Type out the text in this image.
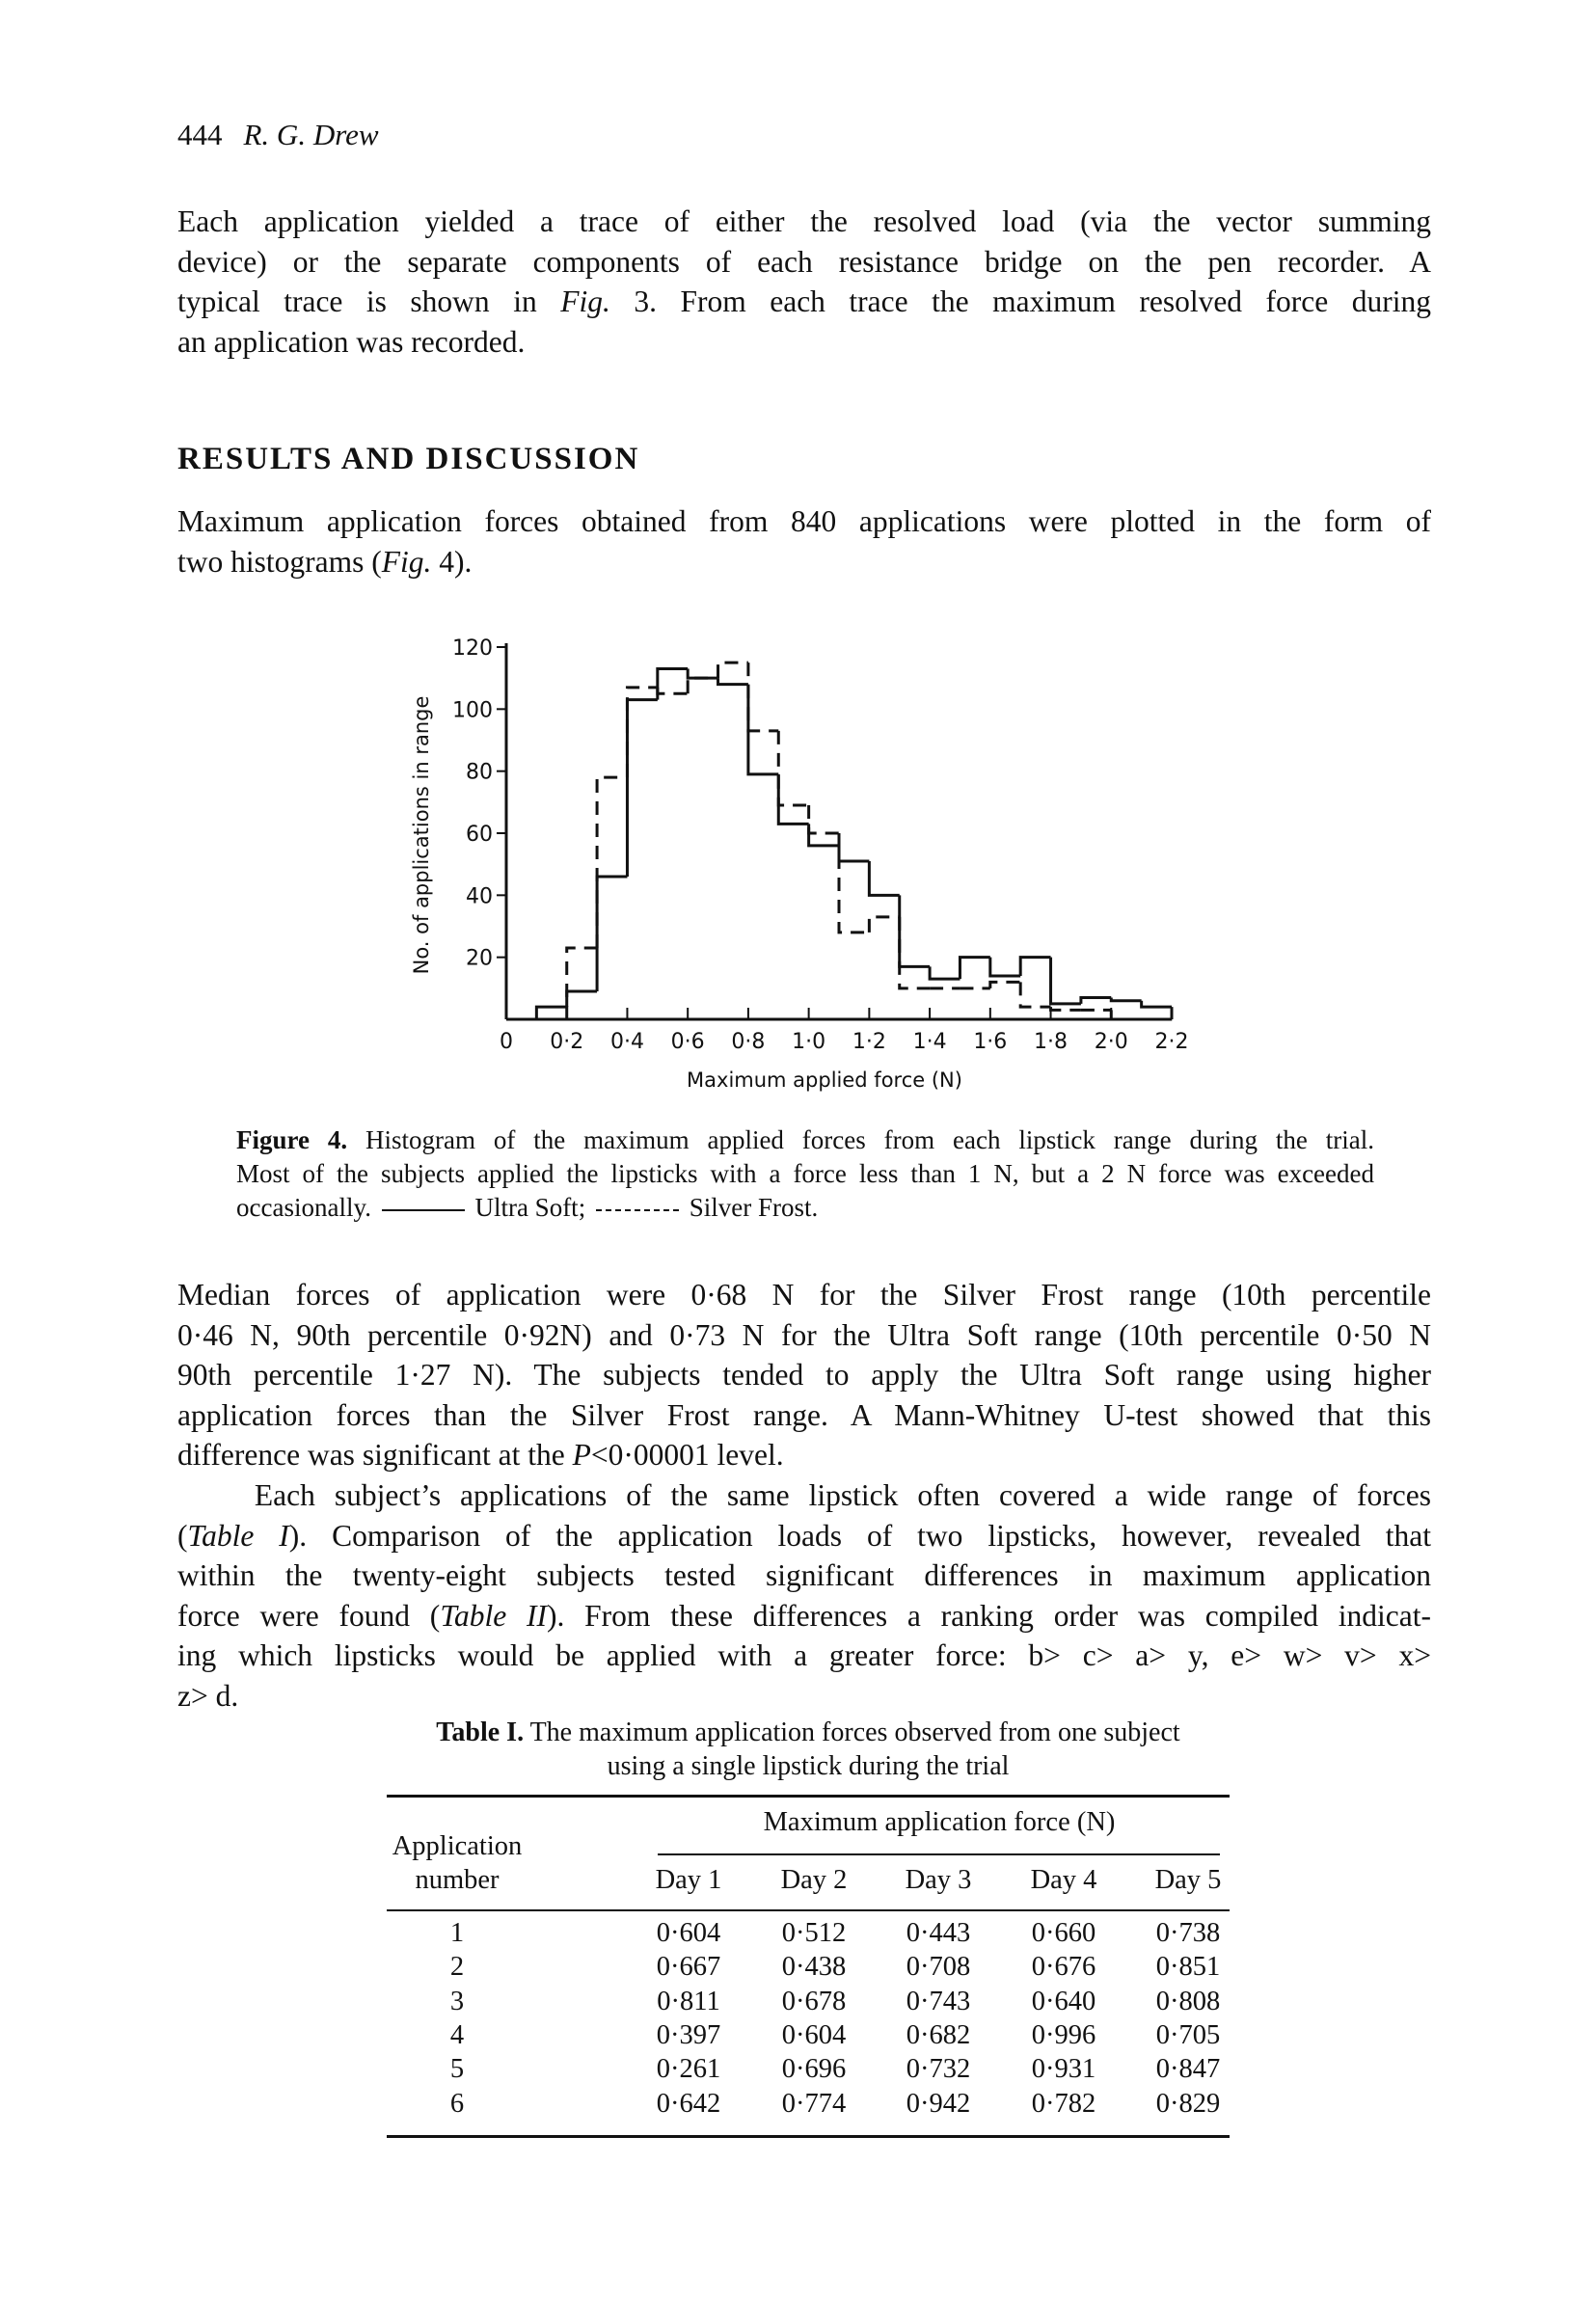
444 R. G. Drew
Each application yielded a trace of either the resolved load (via the vector summing
device) or the separate components of each resistance bridge on the pen recorder. A
typical trace is shown in Fig. 3. From each trace the maximum resolved force during
an application was recorded.
RESULTS AND DISCUSSION
Maximum application forces obtained from 840 applications were plotted in the form of
two histograms (Fig. 4).
20
40
60
80
100
120
0 0·2 0·4 0·6 0·8 1·0 1·2 1·4 1·6 1·8 2·0 2·2
Maximum applied force (N)
No. of applications in range
Figure 4. Histogram of the maximum applied forces from each lipstick range during the trial.
Most of the subjects applied the lipsticks with a force less than 1 N, but a 2 N force was exceeded
occasionally.	Ultra Soft;	Silver Frost.
Median forces of application were 0·68 N for the Silver Frost range (10th percentile
0·46 N, 90th percentile 0·92N) and 0·73 N for the Ultra Soft range (10th percentile 0·50 N
90th percentile 1·27 N). The subjects tended to apply the Ultra Soft range using higher
application forces than the Silver Frost range. A Mann-Whitney U-test showed that this
difference was significant at the P<0·00001 level.
Each subject’s applications of the same lipstick often covered a wide range of forces
(Table I). Comparison of the application loads of two lipsticks, however, revealed that
within the twenty-eight subjects tested significant differences in maximum application
force were found (Table II). From these differences a ranking order was compiled indicat-
ing which lipsticks would be applied with a greater force: b> c> a> y, e> w> v> x>
z> d.
Table I. The maximum application forces observed from one subject
using a single lipstick during the trial
Application
number
Maximum application force (N)
Day 1 Day 2 Day 3 Day 4 Day 5
1	0·604 0·512 0·443 0·660 0·738
2	0·667 0·438 0·708 0·676 0·851
3	0·811 0·678 0·743 0·640 0·808
4	0·397 0·604 0·682 0·996 0·705
5	0·261 0·696 0·732 0·931 0·847
6	0·642 0·774 0·942 0·782 0·829
